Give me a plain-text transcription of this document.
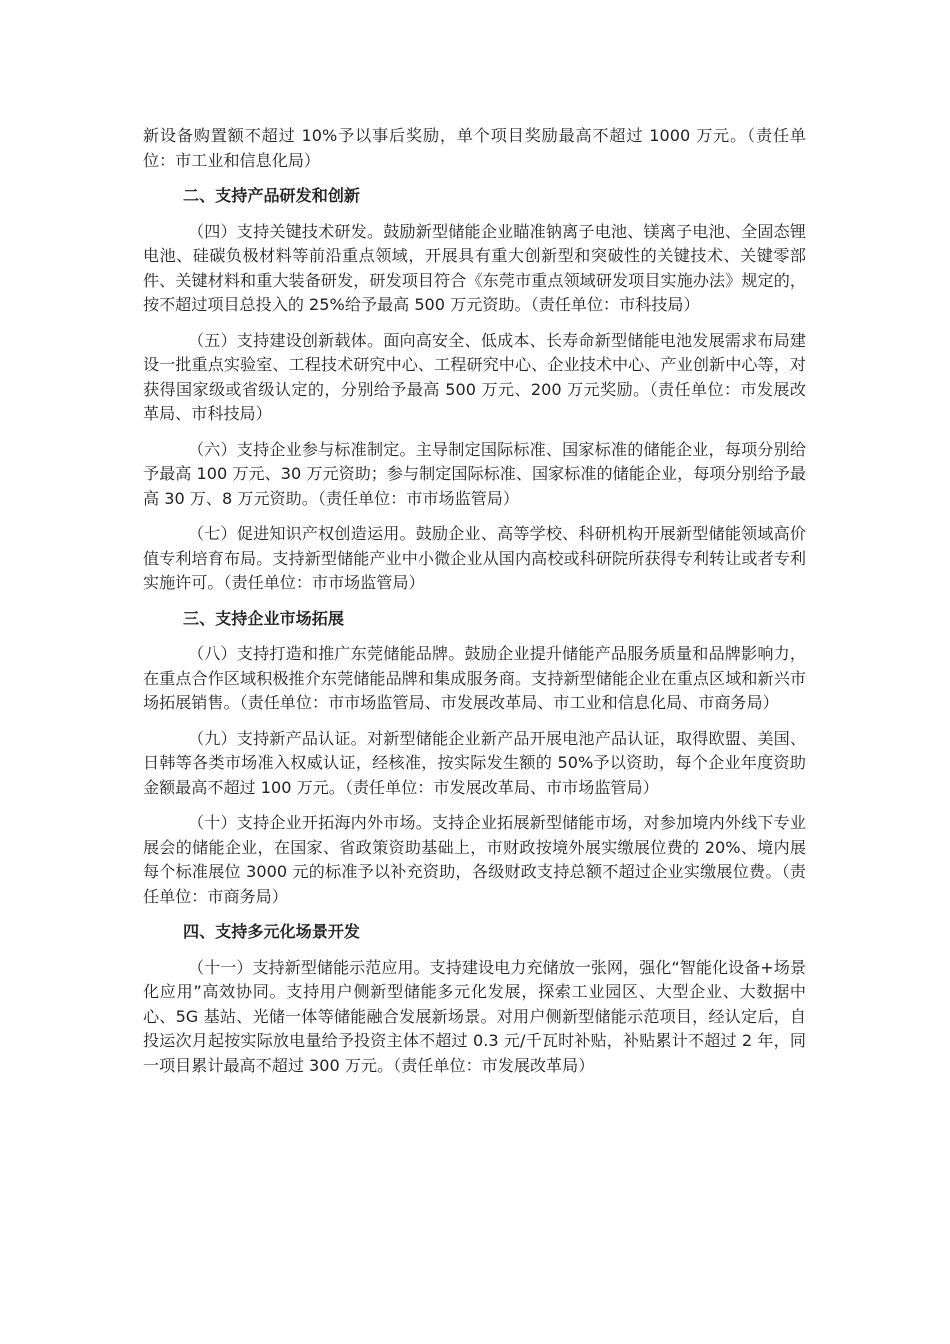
新设备购置额不超过 10%予以事后奖励，单个项目奖励最高不超过 1000 万元。（责任单位：市工业和信息化局）

二、支持产品研发和创新

（四）支持关键技术研发。鼓励新型储能企业瞄准钠离子电池、镁离子电池、全固态锂电池、硅碳负极材料等前沿重点领域，开展具有重大创新型和突破性的关键技术、关键零部件、关键材料和重大装备研发，研发项目符合《东莞市重点领域研发项目实施办法》规定的，按不超过项目总投入的 25%给予最高 500 万元资助。（责任单位：市科技局）

（五）支持建设创新载体。面向高安全、低成本、长寿命新型储能电池发展需求布局建设一批重点实验室、工程技术研究中心、工程研究中心、企业技术中心、产业创新中心等，对获得国家级或省级认定的，分别给予最高 500 万元、200 万元奖励。（责任单位：市发展改革局、市科技局）

（六）支持企业参与标准制定。主导制定国际标准、国家标准的储能企业，每项分别给予最高 100 万元、30 万元资助；参与制定国际标准、国家标准的储能企业，每项分别给予最高 30 万、8 万元资助。（责任单位：市市场监管局）

（七）促进知识产权创造运用。鼓励企业、高等学校、科研机构开展新型储能领域高价值专利培育布局。支持新型储能产业中小微企业从国内高校或科研院所获得专利转让或者专利实施许可。（责任单位：市市场监管局）

三、支持企业市场拓展

（八）支持打造和推广东莞储能品牌。鼓励企业提升储能产品服务质量和品牌影响力，在重点合作区域积极推介东莞储能品牌和集成服务商。支持新型储能企业在重点区域和新兴市场拓展销售。（责任单位：市市场监管局、市发展改革局、市工业和信息化局、市商务局）

（九）支持新产品认证。对新型储能企业新产品开展电池产品认证，取得欧盟、美国、日韩等各类市场准入权威认证，经核准，按实际发生额的 50%予以资助，每个企业年度资助金额最高不超过 100 万元。（责任单位：市发展改革局、市市场监管局）

（十）支持企业开拓海内外市场。支持企业拓展新型储能市场，对参加境内外线下专业展会的储能企业，在国家、省政策资助基础上，市财政按境外展实缴展位费的 20%、境内展每个标准展位 3000 元的标准予以补充资助，各级财政支持总额不超过企业实缴展位费。（责任单位：市商务局）

四、支持多元化场景开发

（十一）支持新型储能示范应用。支持建设电力充储放一张网，强化“智能化设备+场景化应用”高效协同。支持用户侧新型储能多元化发展，探索工业园区、大型企业、大数据中心、5G 基站、光储一体等储能融合发展新场景。对用户侧新型储能示范项目，经认定后，自投运次月起按实际放电量给予投资主体不超过 0.3 元/千瓦时补贴，补贴累计不超过 2 年，同一项目累计最高不超过 300 万元。（责任单位：市发展改革局）
